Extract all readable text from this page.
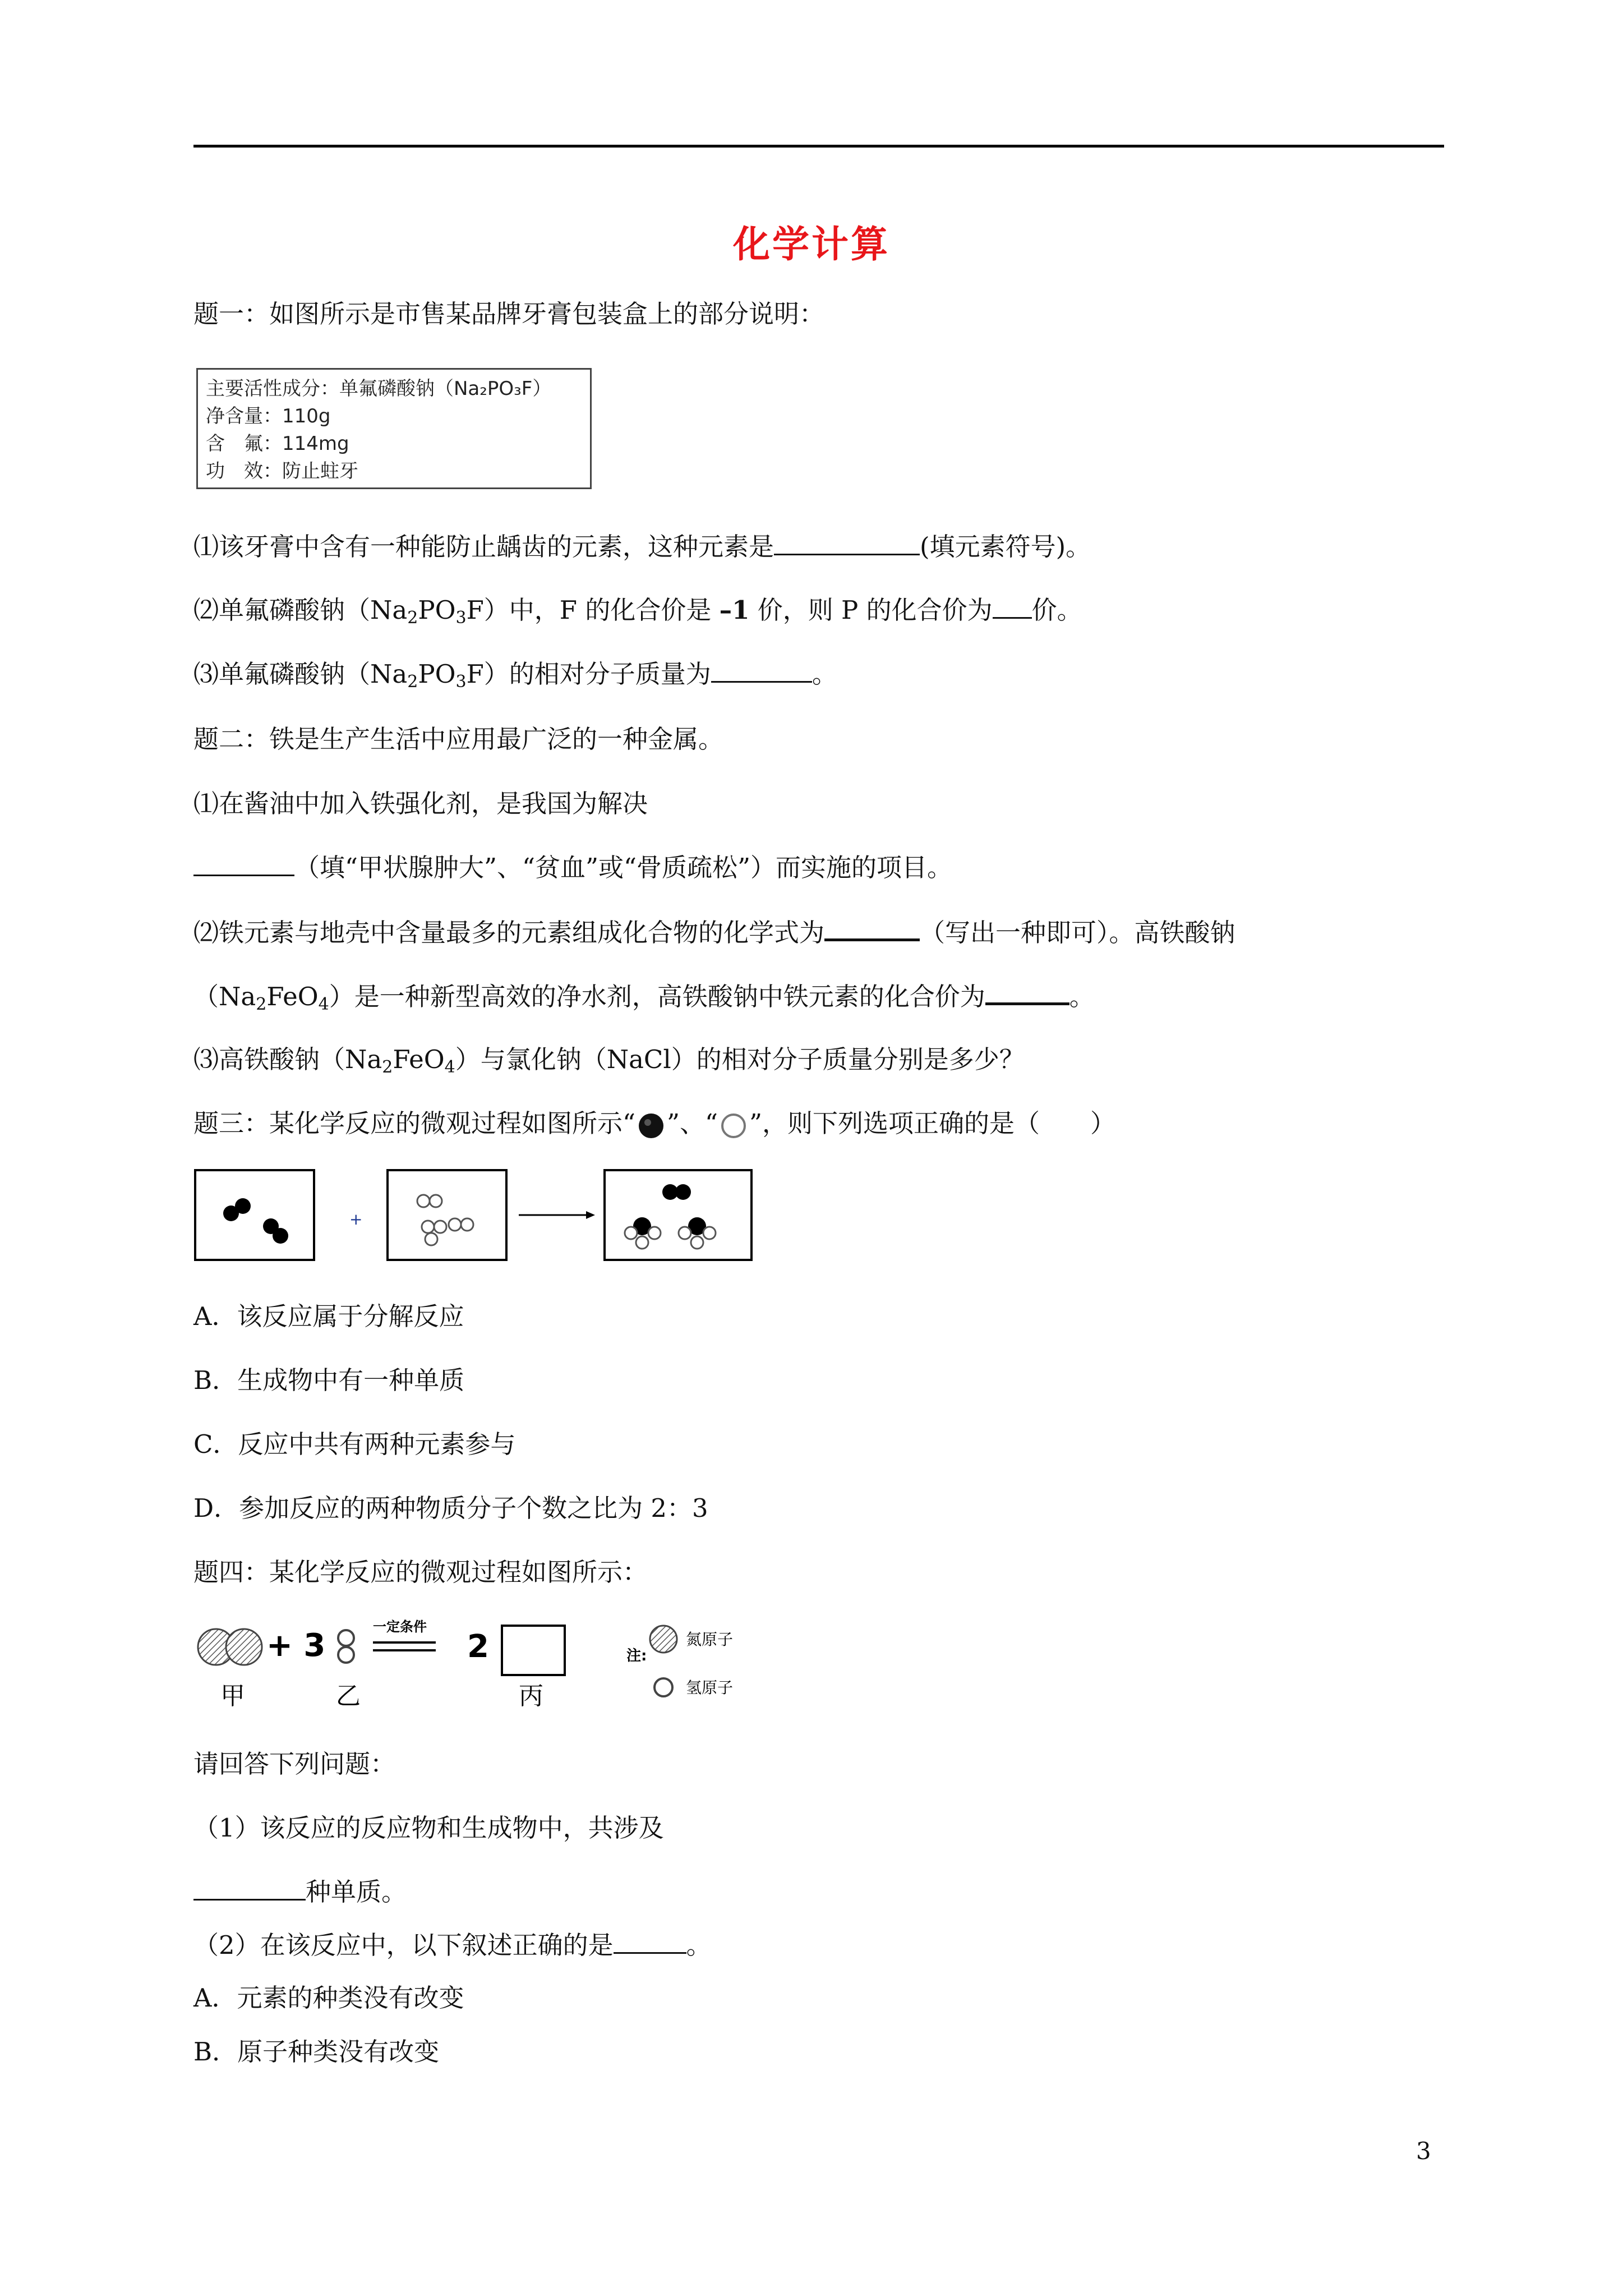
化学计算
题一：如图所示是市售某品牌牙膏包装盒上的部分说明：
主要活性成分：单氟磷酸钠（Na₂PO₃F）
净含量：110g
含　氟：114mg
功　效：防止蛀牙
⑴该牙膏中含有一种能防止龋齿的元素，这种元素是	(填元素符号)。
⑵单氟磷酸钠$(Na_2PO_3F)$中，F 的化合价是 –1 价，则 P 的化合价为 价。
⑶单氟磷酸钠$(Na_2PO_3F)$的相对分子质量为	。
题二：铁是生产生活中应用最广泛的一种金属。
⑴在酱油中加入铁强化剂，是我国为解决
（填“甲状腺肿大”、“贫血”或“骨质疏松”）而实施的项目。
⑵铁元素与地壳中含量最多的元素组成化合物的化学式为	（写出一种即可）。高铁酸钠
$(Na_2FeO_4)$是一种新型高效的净水剂，高铁酸钠中铁元素的化合价为	。
⑶高铁酸钠$(Na_2FeO_4)$与氯化钠（NaCl）的相对分子质量分别是多少？
题三：某化学反应的微观过程如图所示“ ”、“ ”，则下列选项正确的是（　　）
+
A．该反应属于分解反应
B．生成物中有一种单质
C．反应中共有两种元素参与
D．参加反应的两种物质分子个数之比为 2：3
题四：某化学反应的微观过程如图所示：
+ 3
一定条件
2
甲	乙	丙
注:
氮原子
氢原子
请回答下列问题：
（1）该反应的反应物和生成物中，共涉及
种单质。
（2）在该反应中，以下叙述正确的是	。
A．元素的种类没有改变
B．原子种类没有改变
3
